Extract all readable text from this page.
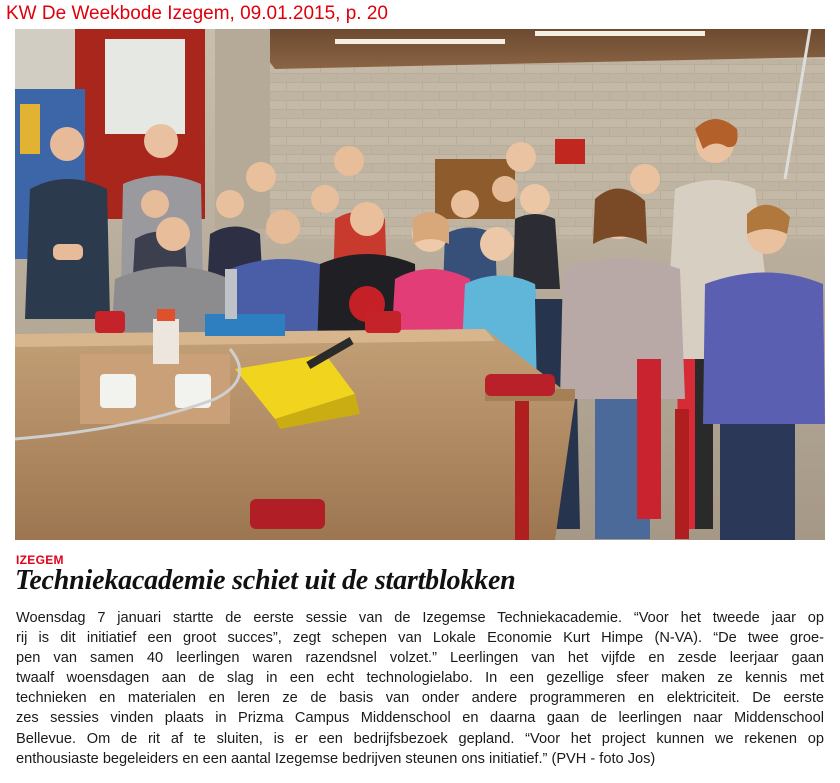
KW De Weekbode Izegem, 09.01.2015, p. 20
IZEGEM
Techniekacademie schiet uit de startblokken
Woensdag 7 januari startte de eerste sessie van de Izegemse Techniekacademie. “Voor het tweede jaar op
rij is dit initiatief een groot succes”, zegt schepen van Lokale Economie Kurt Himpe (N-VA). “De twee groe-
pen van samen 40 leerlingen waren razendsnel volzet.” Leerlingen van het vijfde en zesde leerjaar gaan
twaalf woensdagen aan de slag in een echt technologielabo. In een gezellige sfeer maken ze kennis met
technieken en materialen en leren ze de basis van onder andere programmeren en elektriciteit. De eerste
zes sessies vinden plaats in Prizma Campus Middenschool en daarna gaan de leerlingen naar Middenschool
Bellevue. Om de rit af te sluiten, is er een bedrijfsbezoek gepland. “Voor het project kunnen we rekenen op
enthousiaste begeleiders en een aantal Izegemse bedrijven steunen ons initiatief.” (PVH - foto Jos)
